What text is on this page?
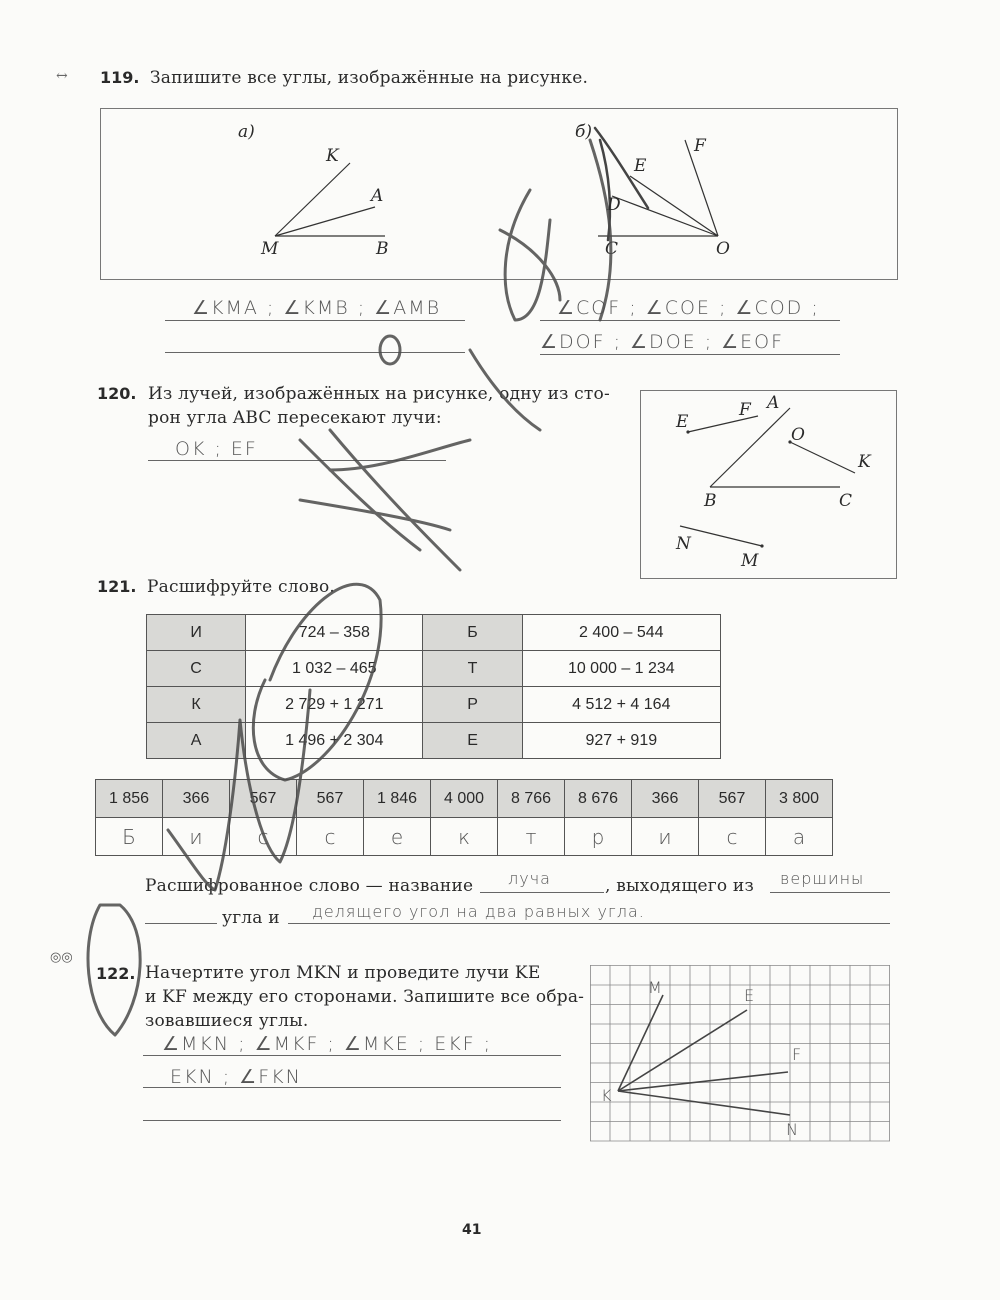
↔ 119. Запишите все углы, изображённые на рисунке.
а)	б)
K
A
M	B
F
E
D
C	O
∠KMA ; ∠KMB ; ∠AMB	∠COF ; ∠COE ; ∠COD ;
∠DOF ; ∠DOE ; ∠EOF
120. Из лучей, изображённых на рисунке, одну из сто-
рон угла ABC пересекают лучи:
OK ; EF
E
F A
O
K
B	C
N
M
121. Расшифруйте слово.
И	724 – 358	Б	2 400 – 544
С	1 032 – 465	Т	10 000 – 1 234
К	2 729 + 1 271	Р	4 512 + 4 164
А	1 496 + 2 304	Е	927 + 919
1 856	366	567	567	1 846	4 000	8 766	8 676	366	567	3 800
Б	и	с	с	е	к	т	р	и	с	а
Расшифрованное слово — название луча	, выходящего из вершины
угла и делящего угол на два равных угла.
◎◎
122. Начертите угол MKN и проведите лучи KE
и KF между его сторонами. Запишите все обра-
зовавшиеся углы.
∠MKN ; ∠MKF ; ∠MKE ; EKF ;
EKN ; ∠FKN
M	E
F
K
N
41
